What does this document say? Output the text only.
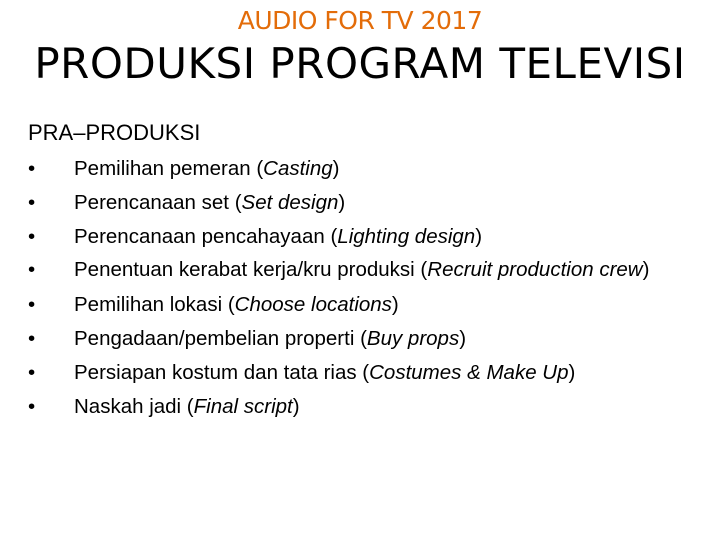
AUDIO FOR TV 2017
PRODUKSI PROGRAM TELEVISI
PRA–PRODUKSI
•	Pemilihan pemeran (Casting)
•	Perencanaan set (Set design)
•	Perencanaan pencahayaan (Lighting design)
•	Penentuan kerabat kerja/kru produksi (Recruit production crew)
•	Pemilihan lokasi (Choose locations)
•	Pengadaan/pembelian properti (Buy props)
•	Persiapan kostum dan tata rias (Costumes & Make Up)
•	Naskah jadi (Final script)
